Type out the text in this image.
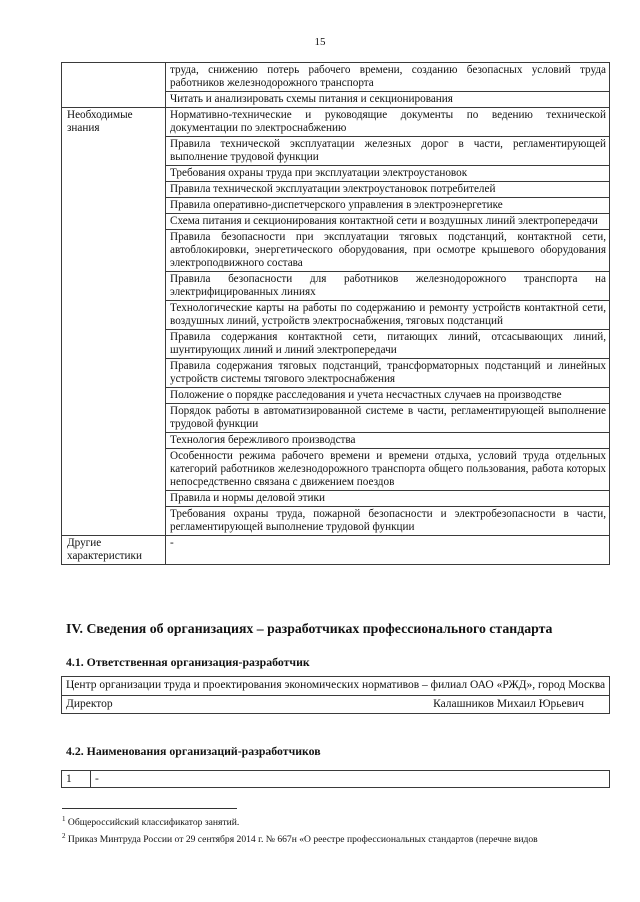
15
	труда, снижению потерь рабочего времени, созданию безопасных условий труда работников железнодорожного транспорта
	Читать и анализировать схемы питания и секционирования
Необходимые знания	Нормативно-технические и руководящие документы по ведению технической документации по электроснабжению
	Правила технической эксплуатации железных дорог в части, регламентирующей выполнение трудовой функции
	Требования охраны труда при эксплуатации электроустановок
	Правила технической эксплуатации электроустановок потребителей
	Правила оперативно-диспетчерского управления в электроэнергетике
	Схема питания и секционирования контактной сети и воздушных линий электропередачи
	Правила безопасности при эксплуатации тяговых подстанций, контактной сети, автоблокировки, энергетического оборудования, при осмотре крышевого оборудования электроподвижного состава
	Правила безопасности для работников железнодорожного транспорта на электрифицированных линиях
	Технологические карты на работы по содержанию и ремонту устройств контактной сети, воздушных линий, устройств электроснабжения, тяговых подстанций
	Правила содержания контактной сети, питающих линий, отсасывающих линий, шунтирующих линий и линий электропередачи
	Правила содержания тяговых подстанций, трансформаторных подстанций и линейных устройств системы тягового электроснабжения
	Положение о порядке расследования и учета несчастных случаев на производстве
	Порядок работы в автоматизированной системе в части, регламентирующей выполнение трудовой функции
	Технология бережливого производства
	Особенности режима рабочего времени и времени отдыха, условий труда отдельных категорий работников железнодорожного транспорта общего пользования, работа которых непосредственно связана с движением поездов
	Правила и нормы деловой этики
	Требования охраны труда, пожарной безопасности и электробезопасности в части, регламентирующей выполнение трудовой функции
Другие характеристики	-
IV. Сведения об организациях – разработчиках профессионального стандарта
4.1. Ответственная организация-разработчик
Центр организации труда и проектирования экономических нормативов – филиал ОАО «РЖД», город Москва

Директор	Калашников Михаил Юрьевич
4.2. Наименования организаций-разработчиков
1	-
$^1$ Общероссийский классификатор занятий.
$^2$ Приказ Минтруда России от 29 сентября 2014 г. № 667н «О реестре профессиональных стандартов (перечне видов
